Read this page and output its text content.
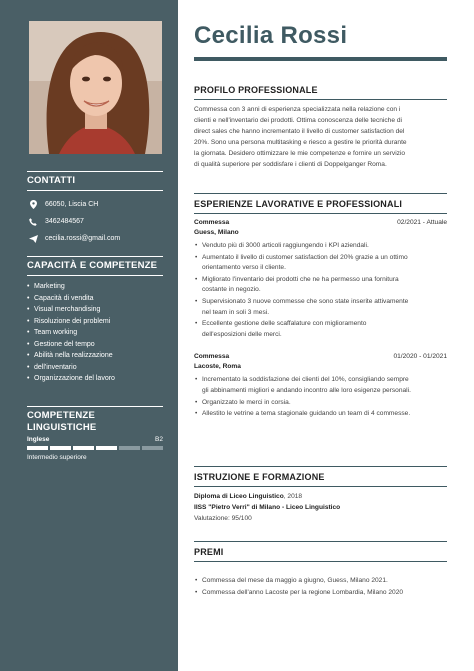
CONTATTI
66050, Liscia CH
3462484567
cecilia.rossi@gmail.com
CAPACITÀ E COMPETENZE
• Marketing
• Capacità di vendita
• Visual merchandising
• Risoluzione dei problemi
• Team working
• Gestione del tempo
• Abilità nella realizzazione
• dell'inventario
• Organizzazione del lavoro
COMPETENZE
LINGUISTICHE
Inglese	B2
Intermedio superiore
Cecilia Rossi
PROFILO PROFESSIONALE
Commessa con 3 anni di esperienza specializzata nella relazione con i
clienti e nell'inventario dei prodotti. Ottima conoscenza delle tecniche di
direct sales che hanno incrementato il livello di customer satisfaction del
20%. Sono una persona multitasking e riesco a gestire le priorità durante
la giornata. Desidero ottimizzare le mie competenze e fornire un servizio
di qualità superiore per soddisfare i clienti di Doppelganger Roma.
ESPERIENZE LAVORATIVE E PROFESSIONALI
Commessa	02/2021 - Attuale
Guess, Milano
• Venduto più di 3000 articoli raggiungendo i KPI aziendali.
• Aumentato il livello di customer satisfaction del 20% grazie a un ottimo
orientamento verso il cliente.
• Migliorato l'inventario dei prodotti che ne ha permesso una fornitura
costante in negozio.
• Supervisionato 3 nuove commesse che sono state inserite attivamente
nel team in soli 3 mesi.
• Eccellente gestione delle scaffalature con miglioramento
dell'esposizioni delle merci.
Commessa	01/2020 - 01/2021
Lacoste, Roma
• Incrementato la soddisfazione dei clienti del 10%, consigliando sempre
gli abbinamenti migliori e andando incontro alle loro esigenze personali.
• Organizzato le merci in corsia.
• Allestito le vetrine a tema stagionale guidando un team di 4 commesse.
ISTRUZIONE E FORMAZIONE
Diploma di Liceo Linguistico, 2018
IISS "Pietro Verri" di Milano - Liceo Linguistico
Valutazione: 95/100
PREMI
• Commessa del mese da maggio a giugno, Guess, Milano 2021.
• Commessa dell'anno Lacoste per la regione Lombardia, Milano 2020
